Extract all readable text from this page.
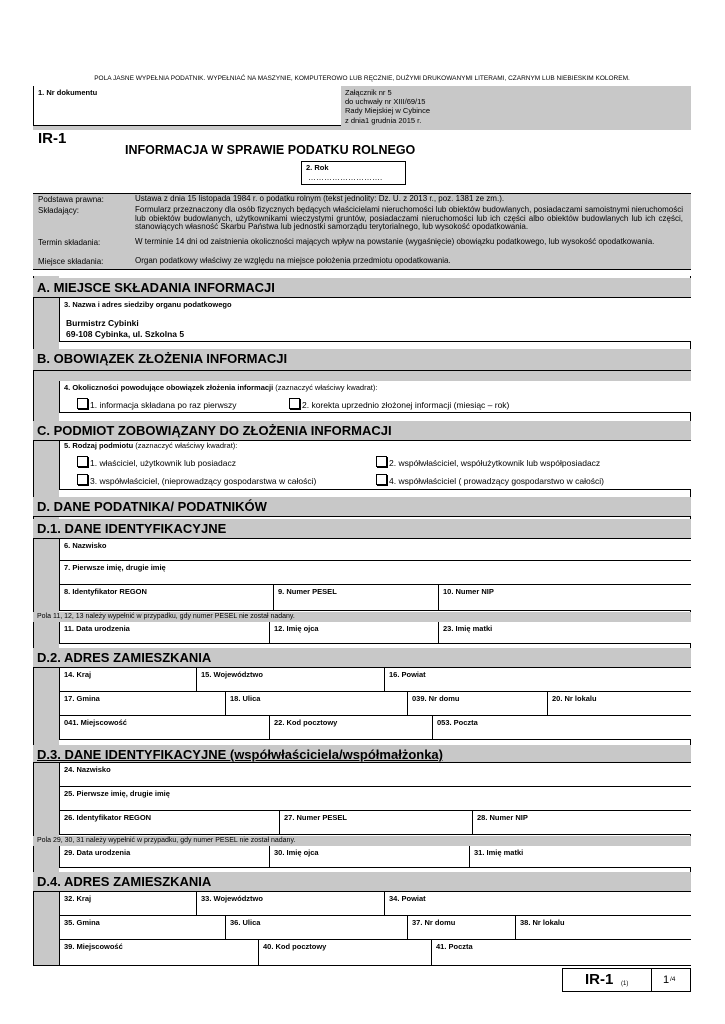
POLA JASNE WYPEŁNIA PODATNIK. WYPEŁNIAĆ NA MASZYNIE, KOMPUTEROWO LUB RĘCZNIE, DUŻYMI DRUKOWANYMI LITERAMI, CZARNYM LUB NIEBIESKIM KOLOREM.
1. Nr dokumentu	Załącznik nr 5
do uchwały nr XIII/69/15
Rady Miejskiej w Cybince
z dnia1 grudnia 2015 r.
IR-1
INFORMACJA W SPRAWIE PODATKU ROLNEGO
2. Rok
……………………….
Podstawa prawna:	Ustawa z dnia 15 listopada 1984 r. o podatku rolnym (tekst jednolity: Dz. U. z 2013 r., poz. 1381 ze zm.).
Składający:	Formularz przeznaczony dla osób fizycznych będących właścicielami nieruchomości lub obiektów budowlanych, posiadaczami samoistnymi nieruchomości lub obiektów budowlanych, użytkownikami wieczystymi gruntów, posiadaczami nieruchomości lub ich części albo obiektów budowlanych lub ich części, stanowiących własność Skarbu Państwa lub jednostki samorządu terytorialnego, lub wysokość opodatkowania.
Termin składania:	W terminie 14 dni od zaistnienia okoliczności mających wpływ na powstanie (wygaśnięcie) obowiązku podatkowego, lub wysokość opodatkowania.
Miejsce składania:	Organ podatkowy właściwy ze względu na miejsce położenia przedmiotu opodatkowania.
A. MIEJSCE SKŁADANIA INFORMACJI
3. Nazwa i adres siedziby organu podatkowego
Burmistrz Cybinki
69-108 Cybinka, ul. Szkolna 5
B. OBOWIĄZEK ZŁOŻENIA INFORMACJI
4. Okoliczności powodujące obowiązek złożenia informacji (zaznaczyć właściwy kwadrat):
1. informacja składana po raz pierwszy	2. korekta uprzednio złożonej informacji (miesiąc – rok)
C. PODMIOT ZOBOWIĄZANY DO ZŁOŻENIA INFORMACJI
5. Rodzaj podmiotu (zaznaczyć właściwy kwadrat):
1. właściciel, użytkownik lub posiadacz	2. współwłaściciel, współużytkownik lub współposiadacz
3. współwłaściciel, (nieprowadzący gospodarstwa w całości)	4. współwłaściciel ( prowadzący gospodarstwo w całości)
D. DANE PODATNIKA/ PODATNIKÓW
D.1. DANE IDENTYFIKACYJNE
6. Nazwisko
7. Pierwsze imię, drugie imię
8. Identyfikator REGON	9. Numer PESEL	10. Numer NIP
Pola 11, 12, 13 należy wypełnić w przypadku, gdy numer PESEL nie został nadany.
11. Data urodzenia	12. Imię ojca	23. Imię matki
D.2. ADRES ZAMIESZKANIA
14. Kraj	15. Województwo	16. Powiat
17. Gmina	18. Ulica	039. Nr domu	20. Nr lokalu
041. Miejscowość	22. Kod pocztowy	053. Poczta
D.3. DANE IDENTYFIKACYJNE (współwłaściciela/współmałżonka)
24. Nazwisko
25. Pierwsze imię, drugie imię
26. Identyfikator REGON	27. Numer PESEL	28. Numer NIP
Pola 29, 30, 31 należy wypełnić w przypadku, gdy numer PESEL nie został nadany.
29. Data urodzenia	30. Imię ojca	31. Imię matki
D.4. ADRES ZAMIESZKANIA
32. Kraj	33. Województwo	34. Powiat
35. Gmina	36. Ulica	37. Nr domu	38. Nr lokalu
39. Miejscowość	40. Kod pocztowy	41. Poczta
IR-1 (1)	1 /4
